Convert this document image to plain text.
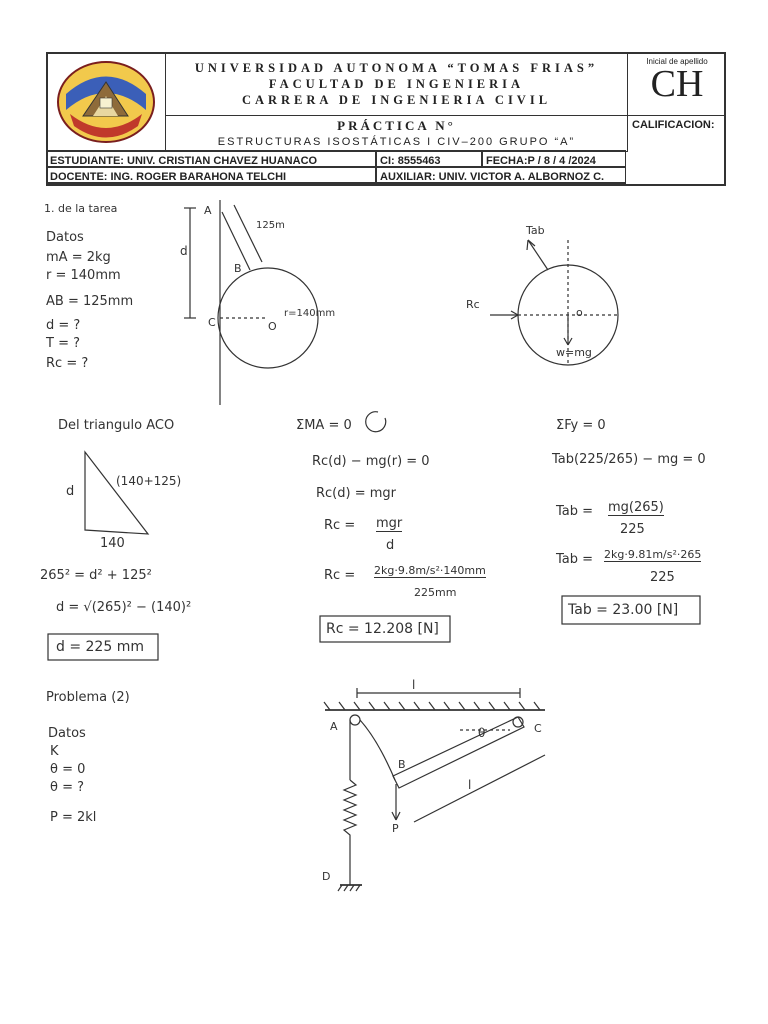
UNIVERSIDAD AUTONOMA “TOMAS FRIAS”
FACULTAD DE INGENIERIA
CARRERA DE INGENIERIA CIVIL
PRÁCTICA N°
ESTRUCTURAS ISOSTÁTICAS I CIV–200 GRUPO “A”
Inicial de apellido
CH
CALIFICACION:
ESTUDIANTE: UNIV. CRISTIAN CHAVEZ HUANACO	CI: 8555463	FECHA:P / 8 / 4 /2024
DOCENTE: ING. ROGER BARAHONA TELCHI	AUXILIAR: UNIV. VICTOR A. ALBORNOZ C.
1. de la tarea
Datos
mA = 2kg
r = 140mm
AB = 125mm
d = ?
T = ?
Rc = ?
A
B
C	O
d
125m
r=140mm
Tab
Rc
o
w=mg
Del triangulo ACO
(140+125)
d
140
265² = d² + 125²
d = √(265)² − (140)²
d = 225 mm
ΣMA = 0
Rc(d) − mg(r) = 0
Rc(d) = mgr
Rc = mgr
d
Rc = 2kg·9.8m/s²·140mm
225mm
Rc = 12.208 [N]
ΣFy = 0
Tab(225/265) − mg = 0
Tab = mg(265)
225
Tab = 2kg·9.81m/s²·265
225
Tab = 23.00 [N]
Problema (2)
Datos
K
θ = 0
θ = ?
P = 2kl
A
B
C
D
l
l
θ
P
